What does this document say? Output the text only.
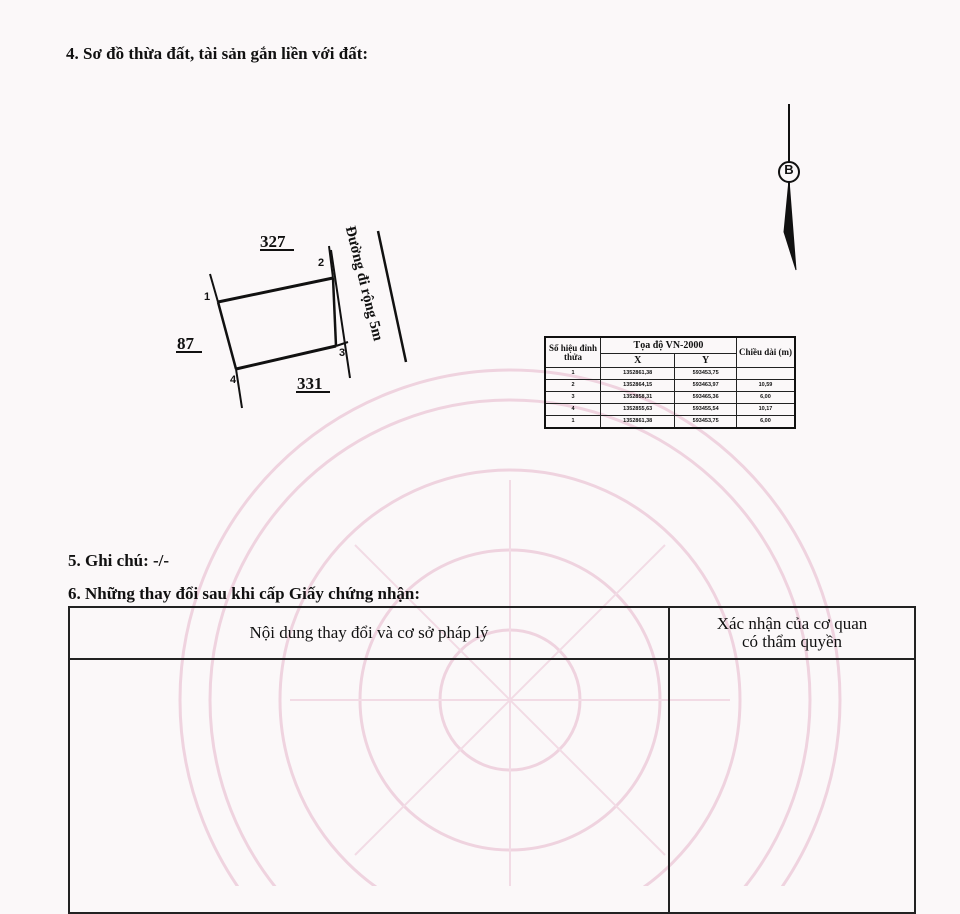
4. Sơ đồ thừa đất, tài sản gắn liền với đất:
B
327
87
331
1
2
3
4
Đường đi rộng 5m
Số hiệu đỉnh thửa	Tọa độ VN-2000		Chiều dài (m)
	X	Y	
1	1352861,38	593453,75	
2	1352864,15	593463,97	10,59
3	1352858,31	593465,36	6,00
4	1352855,63	593455,54	10,17
1	1352861,38	593453,75	6,00
5. Ghi chú: -/-
6. Những thay đổi sau khi cấp Giấy chứng nhận:
Nội dung thay đổi và cơ sở pháp lý	Xác nhận của cơ quan
có thẩm quyền
